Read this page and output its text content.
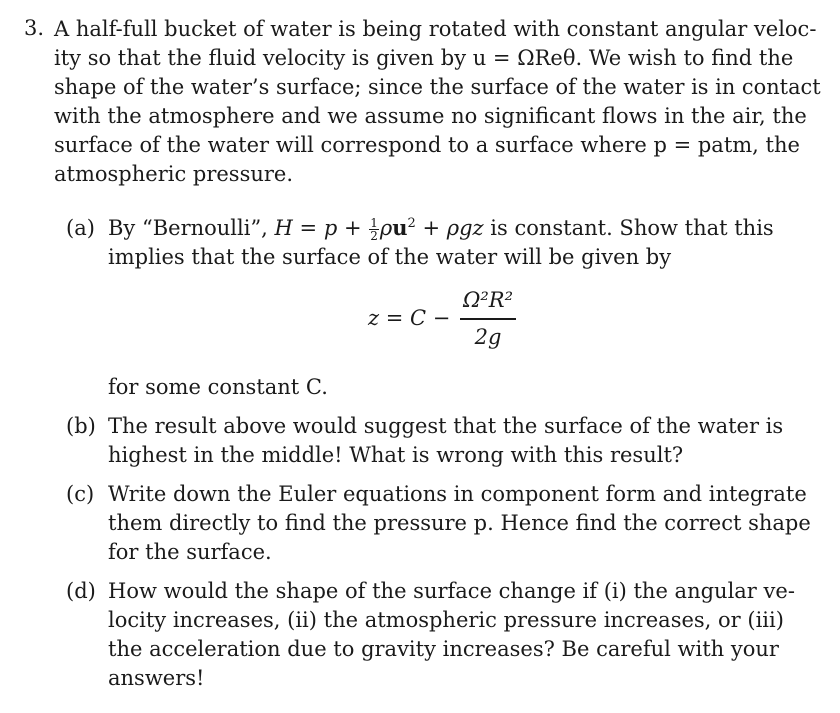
3. A half-full bucket of water is being rotated with constant angular veloc-
ity so that the fluid velocity is given by u = ΩReθ. We wish to find the
shape of the water’s surface; since the surface of the water is in contact
with the atmosphere and we assume no significant flows in the air, the
surface of the water will correspond to a surface where p = patm, the
atmospheric pressure.
(a) By “Bernoulli”, $H = p + \frac{1}{2} \rho u^2 + \rho gz$ is constant. Show that this
implies that the surface of the water will be given by
z = C −
Ω²R²
2g
for some constant C.
(b) The result above would suggest that the surface of the water is
highest in the middle! What is wrong with this result?
(c) Write down the Euler equations in component form and integrate
them directly to find the pressure p. Hence find the correct shape
for the surface.
(d) How would the shape of the surface change if (i) the angular ve-
locity increases, (ii) the atmospheric pressure increases, or (iii)
the acceleration due to gravity increases? Be careful with your
answers!
